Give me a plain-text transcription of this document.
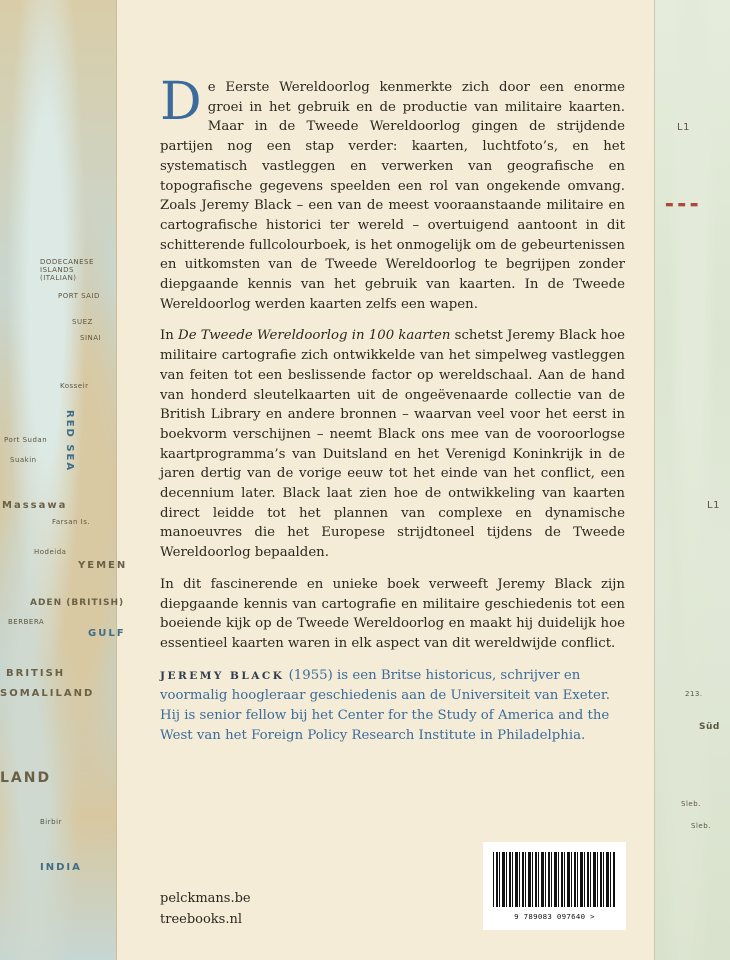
DODECANESE ISLANDS (ITALIAN)
PORT SAID
SUEZ
SINAI
Kosseir
RED SEA
Port Sudan
Suakin
Massawa
Farsan Is.
Hodeida
YEMEN
ADEN (BRITISH)
GULF
BERBERA
BRITISH
SOMALILAND
LAND
Birbir
INDIA
L1
▬ ▬ ▬
L1
Süd
213.
Sleb.
Sleb.

De Eerste Wereldoorlog kenmerkte zich door een enorme groei in het gebruik en de productie van militaire kaarten. Maar in de Tweede Wereldoorlog gingen de strijdende partijen nog een stap verder: kaarten, luchtfoto’s, en het systematisch vastleggen en verwerken van geografische en topografische gegevens speelden een rol van ongekende omvang. Zoals Jeremy Black – een van de meest vooraanstaande militaire en cartografische historici ter wereld – overtuigend aantoont in dit schitterende fullcolourboek, is het onmogelijk om de gebeurtenissen en uitkomsten van de Tweede Wereldoorlog te begrijpen zonder diepgaande kennis van het gebruik van kaarten. In de Tweede Wereldoorlog werden kaarten zelfs een wapen.

In De Tweede Wereldoorlog in 100 kaarten schetst Jeremy Black hoe militaire cartografie zich ontwikkelde van het simpelweg vastleggen van feiten tot een beslissende factor op wereldschaal. Aan de hand van honderd sleutelkaarten uit de ongeëvenaarde collectie van de British Library en andere bronnen – waarvan veel voor het eerst in boekvorm verschijnen – neemt Black ons mee van de vooroorlogse kaartprogramma’s van Duitsland en het Verenigd Koninkrijk in de jaren dertig van de vorige eeuw tot het einde van het conflict, een decennium later. Black laat zien hoe de ontwikkeling van kaarten direct leidde tot het plannen van complexe en dynamische manoeuvres die het Europese strijdtoneel tijdens de Tweede Wereldoorlog bepaalden.

In dit fascinerende en unieke boek verweeft Jeremy Black zijn diepgaande kennis van cartografie en militaire geschiedenis tot een boeiende kijk op de Tweede Wereldoorlog en maakt hij duidelijk hoe essentieel kaarten waren in elk aspect van dit wereldwijde conflict.

JEREMY BLACK (1955) is een Britse historicus, schrijver en voormalig hoogleraar geschiedenis aan de Universiteit van Exeter. Hij is senior fellow bij het Center for the Study of America and the West van het Foreign Policy Research Institute in Philadelphia.

pelckmans.be
treebooks.nl	9 789083 097640 >
